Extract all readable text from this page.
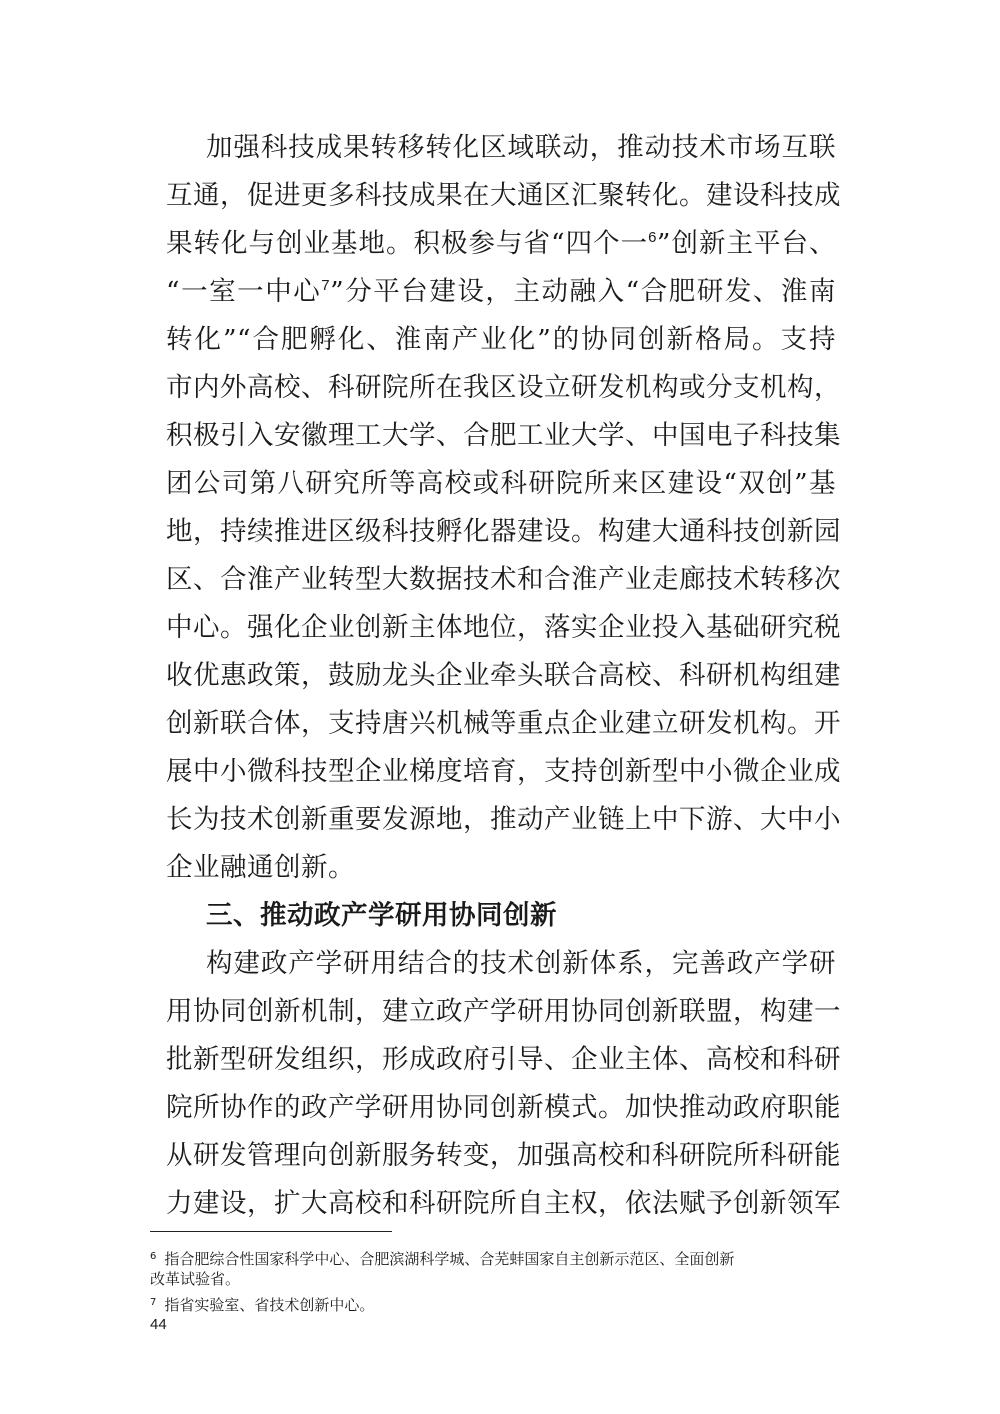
加强科技成果转移转化区域联动，推动技术市场互联
互通，促进更多科技成果在大通区汇聚转化。建设科技成
果转化与创业基地。积极参与省“四个一$^6$”创新主平台、
“一室一中心$^7$”分平台建设，主动融入“合肥研发、淮南
转化”“合肥孵化、淮南产业化”的协同创新格局。支持
市内外高校、科研院所在我区设立研发机构或分支机构，
积极引入安徽理工大学、合肥工业大学、中国电子科技集
团公司第八研究所等高校或科研院所来区建设“双创”基
地，持续推进区级科技孵化器建设。构建大通科技创新园
区、合淮产业转型大数据技术和合淮产业走廊技术转移次
中心。强化企业创新主体地位，落实企业投入基础研究税
收优惠政策，鼓励龙头企业牵头联合高校、科研机构组建
创新联合体，支持唐兴机械等重点企业建立研发机构。开
展中小微科技型企业梯度培育，支持创新型中小微企业成
长为技术创新重要发源地，推动产业链上中下游、大中小
企业融通创新。
三、推动政产学研用协同创新
构建政产学研用结合的技术创新体系，完善政产学研
用协同创新机制，建立政产学研用协同创新联盟，构建一
批新型研发组织，形成政府引导、企业主体、高校和科研
院所协作的政产学研用协同创新模式。加快推动政府职能
从研发管理向创新服务转变，加强高校和科研院所科研能
力建设，扩大高校和科研院所自主权，依法赋予创新领军
$^6$ 指合肥综合性国家科学中心、合肥滨湖科学城、合芜蚌国家自主创新示范区、全面创新
改革试验省。
$^7$ 指省实验室、省技术创新中心。
44
